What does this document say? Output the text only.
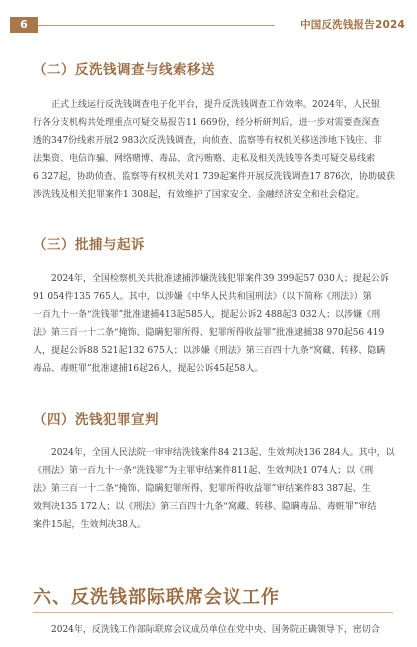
6	中国反洗钱报告2024
（二）反洗钱调查与线索移送
正式上线运行反洗钱调查电子化平台，提升反洗钱调查工作效率。2024年，人民银
行各分支机构共处理重点可疑交易报告11 669份，经分析研判后，进一步对需要查深查
透的347份线索开展2 983次反洗钱调查，向侦查、监察等有权机关移送涉地下钱庄、非
法集资、电信诈骗、网络赌博、毒品、贪污贿赂、走私及相关洗钱等各类可疑交易线索
6 327起，协助侦查、监察等有权机关对1 739起案件开展反洗钱调查17 876次，协助破获
涉洗钱及相关犯罪案件1 308起，有效维护了国家安全、金融经济安全和社会稳定。
（三）批捕与起诉
2024年，全国检察机关共批准逮捕涉嫌洗钱犯罪案件39 399起57 030人；提起公诉
91 054件135 765人。其中，以涉嫌《中华人民共和国刑法》（以下简称《刑法》）第
一百九十一条“洗钱罪”批准逮捕413起585人，提起公诉2 488起3 032人；以涉嫌《刑
法》第三百一十二条“掩饰、隐瞒犯罪所得、犯罪所得收益罪”批准逮捕38 970起56 419
人，提起公诉88 521起132 675人；以涉嫌《刑法》第三百四十九条“窝藏、转移、隐瞒
毒品、毒赃罪”批准逮捕16起26人，提起公诉45起58人。
（四）洗钱犯罪宣判
2024年，全国人民法院一审审结洗钱案件84 213起、生效判决136 284人。其中，以
《刑法》第一百九十一条“洗钱罪”为主罪审结案件811起、生效判决1 074人；以《刑
法》第三百一十二条“掩饰、隐瞒犯罪所得、犯罪所得收益罪”审结案件83 387起、生
效判决135 172人；以《刑法》第三百四十九条“窝藏、转移、隐瞒毒品、毒赃罪”审结
案件15起，生效判决38人。
六、反洗钱部际联席会议工作
2024年，反洗钱工作部际联席会议成员单位在党中央、国务院正确领导下，密切合
